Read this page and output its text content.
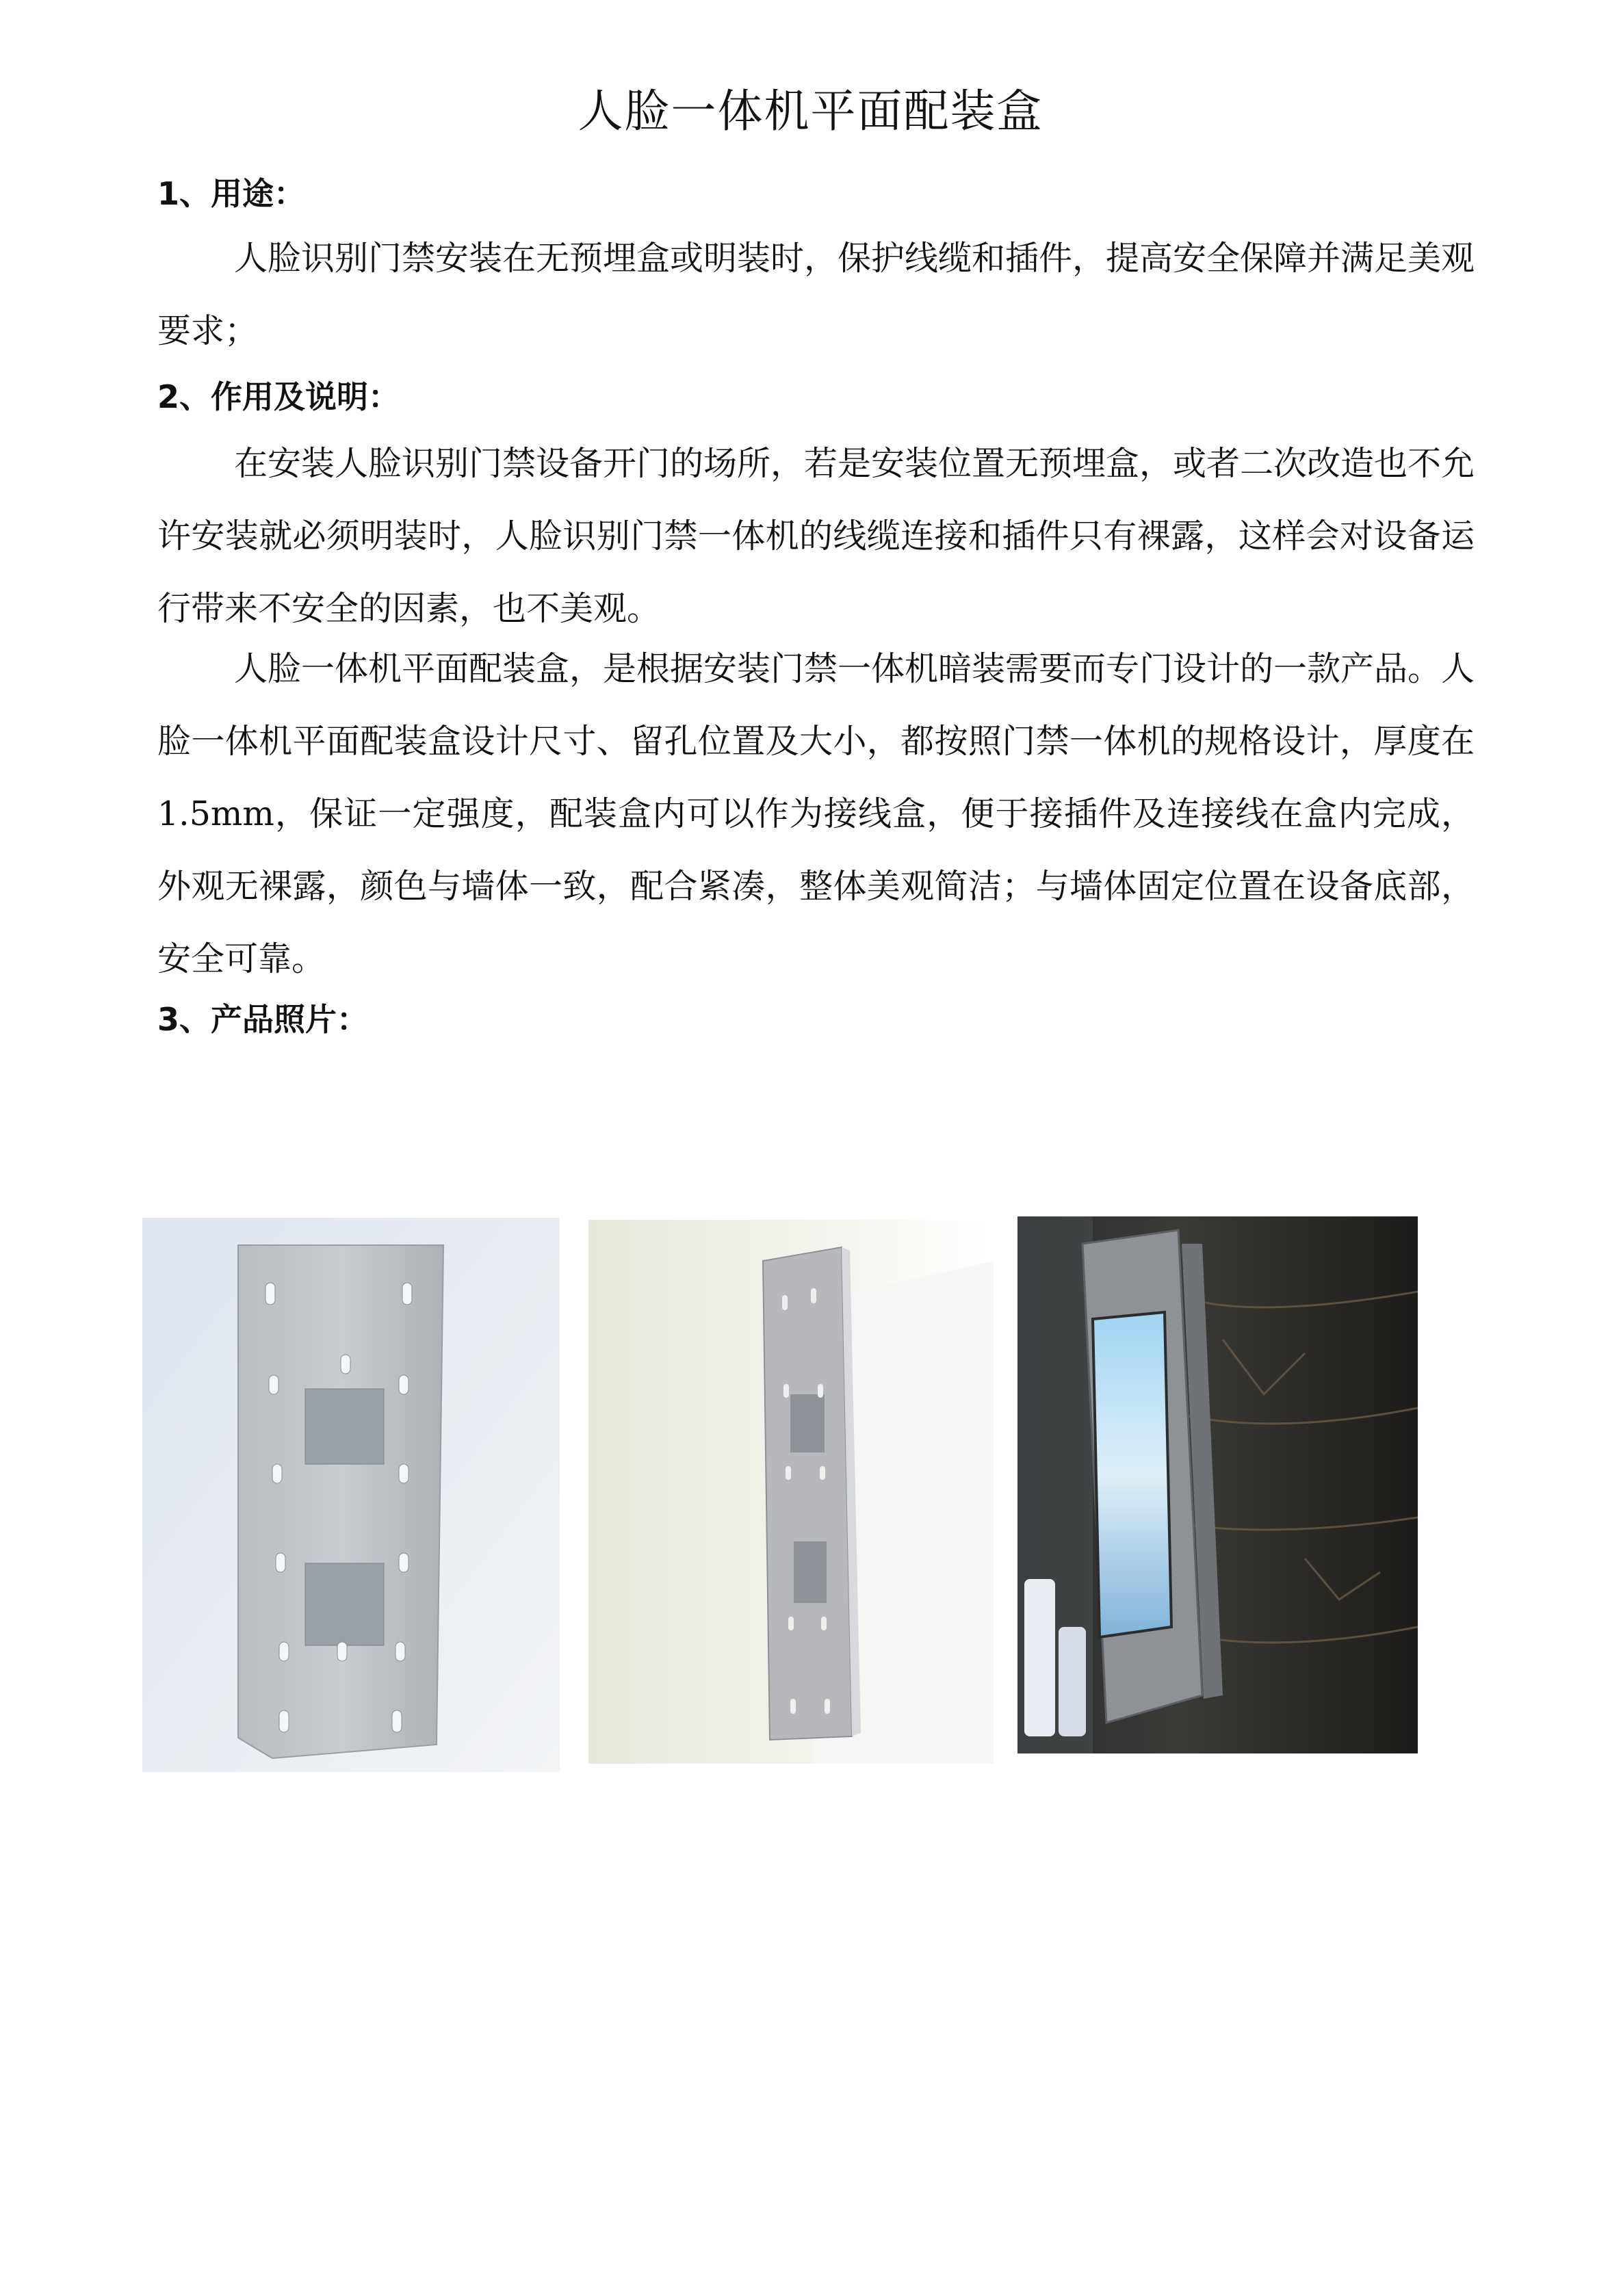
人脸一体机平面配装盒
1、用途：

人脸识别门禁安装在无预埋盒或明装时，保护线缆和插件，提高安全保障并满足美观要求；

2、作用及说明：

在安装人脸识别门禁设备开门的场所，若是安装位置无预埋盒，或者二次改造也不允许安装就必须明装时，人脸识别门禁一体机的线缆连接和插件只有裸露，这样会对设备运行带来不安全的因素，也不美观。

人脸一体机平面配装盒，是根据安装门禁一体机暗装需要而专门设计的一款产品。人脸一体机平面配装盒设计尺寸、留孔位置及大小，都按照门禁一体机的规格设计，厚度在1.5mm，保证一定强度，配装盒内可以作为接线盒，便于接插件及连接线在盒内完成，外观无裸露，颜色与墙体一致，配合紧凑，整体美观简洁；与墙体固定位置在设备底部，安全可靠。

3、产品照片：
